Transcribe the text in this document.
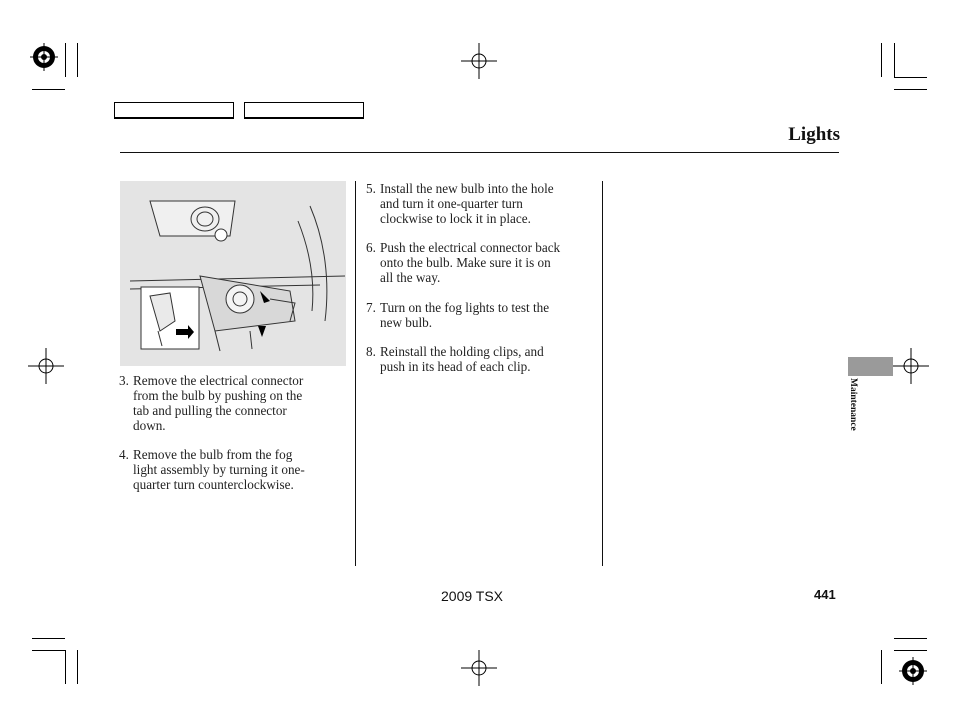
Lights
3. Remove the electrical connector
from the bulb by pushing on the
tab and pulling the connector
down.
4. Remove the bulb from the fog
light assembly by turning it one-
quarter turn counterclockwise.
5. Install the new bulb into the hole
and turn it one-quarter turn
clockwise to lock it in place.
6. Push the electrical connector back
onto the bulb. Make sure it is on
all the way.
7. Turn on the fog lights to test the
new bulb.
8. Reinstall the holding clips, and
push in its head of each clip.
Maintenance
2009 TSX	441
